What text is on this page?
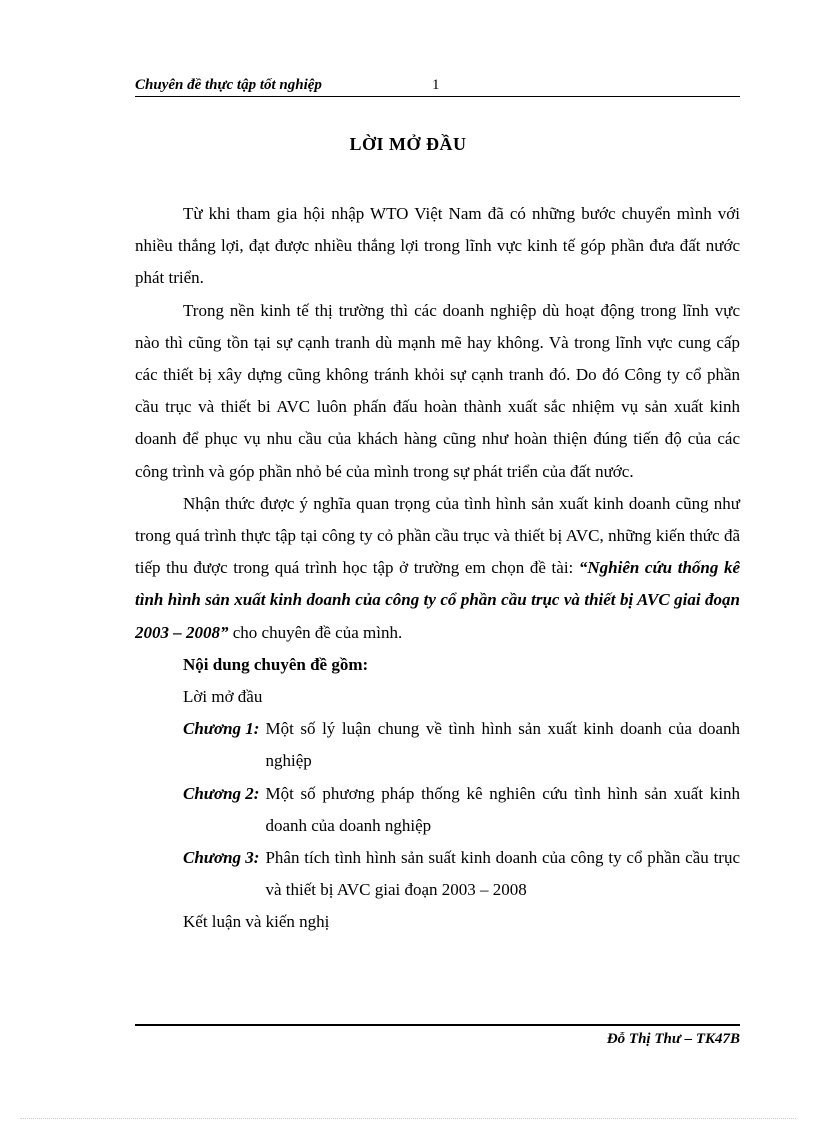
Chuyên đề thực tập tốt nghiệp	1
LỜI MỞ ĐẦU

Từ khi tham gia hội nhập WTO Việt Nam đã có những bước chuyển mình với nhiều thắng lợi, đạt được nhiều thắng lợi trong lĩnh vực kinh tế góp phần đưa đất nước phát triển.

Trong nền kinh tế thị trường thì các doanh nghiệp dù hoạt động trong lĩnh vực nào thì cũng tồn tại sự cạnh tranh dù mạnh mẽ hay không. Và trong lĩnh vực cung cấp các thiết bị xây dựng cũng không tránh khỏi sự cạnh tranh đó. Do đó Công ty cổ phần cầu trục và thiết bi AVC luôn phấn đấu hoàn thành xuất sắc nhiệm vụ sản xuất kinh doanh để phục vụ nhu cầu của khách hàng cũng như hoàn thiện đúng tiến độ của các công trình và góp phần nhỏ bé của mình trong sự phát triển của đất nước.

Nhận thức được ý nghĩa quan trọng của tình hình sản xuất kinh doanh cũng như trong quá trình thực tập tại công ty cỏ phần cầu trục và thiết bị AVC, những kiến thức đã tiếp thu được trong quá trình học tập ở trường em chọn đề tài: “Nghiên cứu thống kê tình hình sản xuất kinh doanh của công ty cổ phần cầu trục và thiết bị AVC giai đoạn 2003 – 2008” cho chuyên đề của mình.

Nội dung chuyên đề gồm:

Lời mở đầu

Chương 1: Một số lý luận chung về tình hình sản xuất kinh doanh của doanh nghiệp
Chương 2: Một số phương pháp thống kê nghiên cứu tình hình sản xuất kinh doanh của doanh nghiệp
Chương 3: Phân tích tình hình sản suất kinh doanh của công ty cổ phần cầu trục và thiết bị AVC giai đoạn 2003 – 2008

Kết luận và kiến nghị

Đỗ Thị Thư – TK47B
